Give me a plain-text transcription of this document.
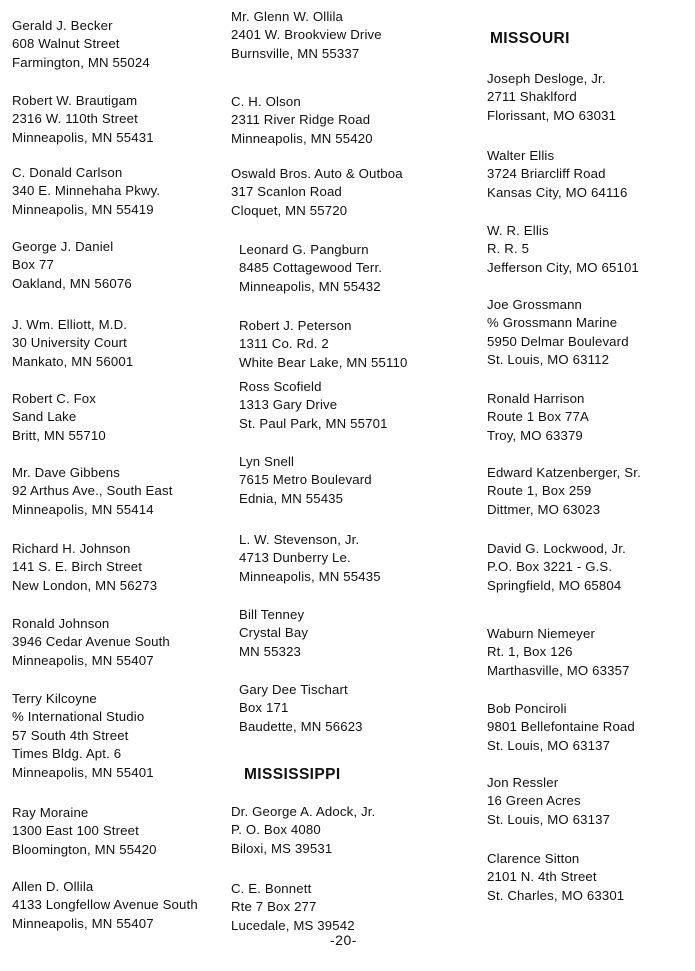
Gerald J. Becker
608 Walnut Street
Farmington, MN 55024
Robert W. Brautigam
2316 W. 110th Street
Minneapolis, MN 55431
C. Donald Carlson
340 E. Minnehaha Pkwy.
Minneapolis, MN 55419
George J. Daniel
Box 77
Oakland, MN 56076
J. Wm. Elliott, M.D.
30 University Court
Mankato, MN 56001
Robert C. Fox
Sand Lake
Britt, MN 55710
Mr. Dave Gibbens
92 Arthus Ave., South East
Minneapolis, MN 55414
Richard H. Johnson
141 S. E. Birch Street
New London, MN 56273
Ronald Johnson
3946 Cedar Avenue South
Minneapolis, MN 55407
Terry Kilcoyne
% International Studio
57 South 4th Street
Times Bldg. Apt. 6
Minneapolis, MN 55401
Ray Moraine
1300 East 100 Street
Bloomington, MN 55420
Allen D. Ollila
4133 Longfellow Avenue South
Minneapolis, MN 55407
Mr. Glenn W. Ollila
2401 W. Brookview Drive
Burnsville, MN 55337
C. H. Olson
2311 River Ridge Road
Minneapolis, MN 55420
Oswald Bros. Auto & Outboa
317 Scanlon Road
Cloquet, MN 55720
Leonard G. Pangburn
8485 Cottagewood Terr.
Minneapolis, MN 55432
Robert J. Peterson
1311 Co. Rd. 2
White Bear Lake, MN 55110
Ross Scofield
1313 Gary Drive
St. Paul Park, MN 55701
Lyn Snell
7615 Metro Boulevard
Ednia, MN 55435
L. W. Stevenson, Jr.
4713 Dunberry Le.
Minneapolis, MN 55435
Bill Tenney
Crystal Bay
MN 55323
Gary Dee Tischart
Box 171
Baudette, MN 56623
Dr. George A. Adock, Jr.
P. O. Box 4080
Biloxi, MS 39531
C. E. Bonnett
Rte 7 Box 277
Lucedale, MS 39542
Joseph Desloge, Jr.
2711 Shaklford
Florissant, MO 63031
Walter Ellis
3724 Briarcliff Road
Kansas City, MO 64116
W. R. Ellis
R. R. 5
Jefferson City, MO 65101
Joe Grossmann
% Grossmann Marine
5950 Delmar Boulevard
St. Louis, MO 63112
Ronald Harrison
Route 1 Box 77A
Troy, MO 63379
Edward Katzenberger, Sr.
Route 1, Box 259
Dittmer, MO 63023
David G. Lockwood, Jr.
P.O. Box 3221 - G.S.
Springfield, MO 65804
Waburn Niemeyer
Rt. 1, Box 126
Marthasville, MO 63357
Bob Ponciroli
9801 Bellefontaine Road
St. Louis, MO 63137
Jon Ressler
16 Green Acres
St. Louis, MO 63137
Clarence Sitton
2101 N. 4th Street
St. Charles, MO 63301
MISSOURI
MISSISSIPPI
-20-
